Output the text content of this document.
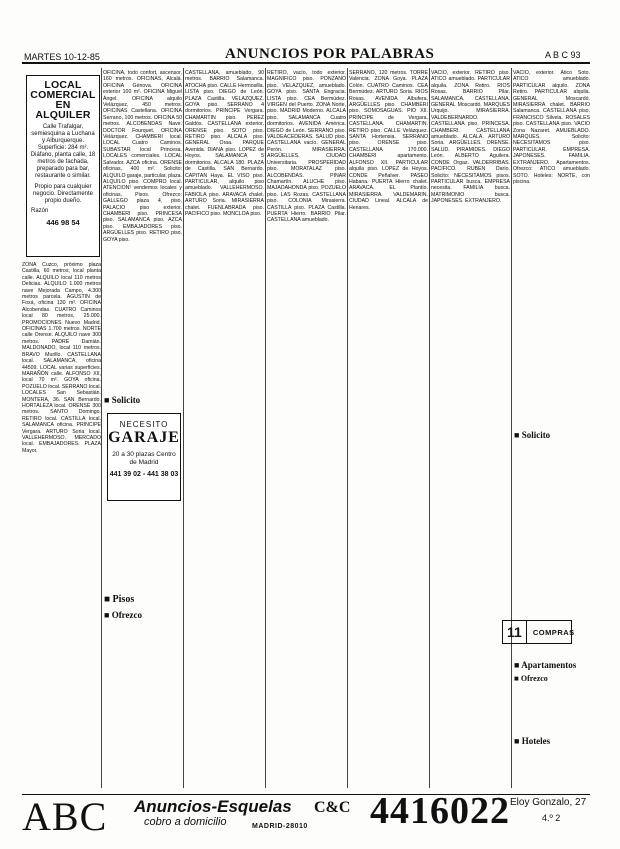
MARTES 10-12-85	ANUNCIOS POR PALABRAS	A B C 93

ZONA Cuzco, próximo plaza Castilla, 60 metros, local planta calle. ALQUILO local 110 metros Delicias. ALQUILO 1.000 metros nave Mejorada Campo, 4.300 metros parcela. AGUSTIN de Foxá, oficina 130 m². OFICINA Alcobendas. CUATRO Caminos local 80 metros, 25.000. PROMOCIONES Nuevo Madrid. OFICINAS 1.700 metros. NORTE calle Orense. ALQUILO nave 300 metros. PADRE Damián. MALDONADO, local 110 metros. BRAVO Murillo. CASTELLANA local. SALAMANCA, oficina 44509. LOCAL varias superficies. MARAÑÓN calle. ALFONSO XII, local 70 m². GOYA oficina. POZUELO local. SERRANO local. LOCALES San Sebastián. MONTERA, 36. SAN Bernardo. HORTALEZA local. ORENSE 300 metros. SANTO Domingo. RETIRO local. CASTILLA local. SALAMANCA oficina. PRINCIPE Vergara. ARTURO Soria local. VALLEHERMOSO. MERCADO local. EMBAJADORES. PLAZA Mayor.

LOCAL
COMERCIAL
EN ALQUILER
Calle Trafalgar, semiesquina a Luchana y Alburquerque. Superficie: 284 m². Diáfano, planta calle, 18 metros de fachada, preparado para bar, restaurante o similar.
Propio para cualquier negocio. Directamente propio dueño.
Razón
446 98 54

OFICINA, todo confort, ascensor, 160 metros. OFICINAS, Alcalá. OFICINA Génova. OFICINA exterior 100 m². OFICINA Miguel Ángel. OFICINA alquilo Velázquez, 450 metros. OFICINAS Castellana. OFICINA Serrano, 100 metros. OFICINA 50 metros. ALCOBENDAS Nave. DOCTOR Fourquet. OFICINA Velázquez. CHAMBERI local. LOCAL Cuatro Caminos. SUBASTAR local Princesa. LOCALES comerciales. LOCAL Salvador. AZCA oficina. ORENSE oficinas, 400 m². Solicito: ALQUILO garaje, particular, plaza. ALQUILO piso. COMPRO local. ATENCION! vendemos locales y oficinas. Pisos. Ofrezco: GALLEGO plaza 4, piso. PALACIO piso exterior. CHAMBERI piso. PRINCESA piso. SALAMANCA piso. AZCA piso. EMBAJADORES piso. ARGÜELLES piso. RETIRO piso. GOYA piso.

NECESITO
GARAJE
20 a 30 plazas Centro de Madrid
441 39 02 - 441 38 03

CASTELLANA, amueblado, 90 metros. BARRIO Salamanca. ATOCHA piso. CALLE Hermosilla. LISTA piso. DIEGO de León. PLAZA Castilla. VELAZQUEZ. GOYA piso. SERRANO 4 dormitorios. PRINCIPE Vergara. CHAMARTIN piso. PEREZ Galdós. CASTELLANA exterior. ORENSE piso. SOTO piso. RETIRO piso. ALCALA piso. GENERAL Oraa. PARQUE Avenida. DIANA piso. LOPEZ de Hoyos. SALAMANCA 5 dormitorios. ALCALA 180. PLAZA de Castilla. SAN Bernardo. CAPITAN Haya. EL VISO piso. PARTICULAR, alquilo piso amueblado. VALLEHERMOSO. FABIOLA piso. ARAVACA chalet. ARTURO Soria. MIRASIERRA chalet. FUENLABRADA piso. PACIFICO piso. MONCLOA piso.

RETIRO, vacío, todo exterior. MAGNIFICO piso. PONZANO piso. VELAZQUEZ, amueblado. GOYA piso. SANTA Engracia. LISTA piso. CEA Bermúdez. VIRGEN del Puerto. ZONA Norte, piso. MADRID Moderno. ALCALA piso. SALAMANCA Cuatro dormitorios. AVENIDA América. DIEGO de León. SERRANO piso. VALDEACEDERAS. SALUD piso. CASTELLANA vacío. GENERAL Perón. MIRASIERRA. ARGÜELLES. CIUDAD Universitaria. PROSPERIDAD piso. MORATALAZ piso. ALCOBENDAS. PINAR Chamartín. ALUCHE piso. MAJADAHONDA piso. POZUELO piso. LAS Rozas. CASTELLANA piso. COLONIA Mirasierra. CASTILLA piso. PLAZA Castilla. PUERTA Hierro. BARRIO Pilar. CASTELLANA amueblado.

SERRANO, 120 metros. TORRE Valencia. ZONA Goya. PLAZA Colón. CUATRO Caminos. CEA Bermúdez. ARTURO Soria. RIOS Rosas. AVENIDA Albufera. ARGÜELLES piso. CHAMBERI piso. SOMOSAGUAS. PIO XII. PRINCIPE de Vergara. CASTELLANA. CHAMARTIN. RETIRO piso. CALLE Velázquez. SANTA Hortensia. SERRANO piso. ORENSE piso. CASTELLANA 170.000. CHAMBERI apartamento. ALFONSO XII. PARTICULAR alquila piso. LOPEZ de Hoyos. CONDE Peñalver. PASEO Habana. PUERTA Hierro chalet. ARAVACA. EL Plantío. MIRASIERRA. VALDEMARIN. CIUDAD Lineal. ALCALA de Henares.

VACIO, exterior. RETIRO piso. ATICO amueblado. PARTICULAR alquila. ZONA Retiro. RIOS Rosas. BARRIO Pilar. SALAMANCA. CASTELLANA. GENERAL Moscardó. MARQUES Urquijo. MIRASIERRA. VALDEBERNARDO. CASTELLANA piso. PRINCESA. CHAMBERI. CASTELLANA amueblado. ALCALA. ARTURO Soria. ARGÜELLES. ORENSE. SALUD. PIRAMIDES. DIEGO León. ALBERTO Aguilera. CONDE Orgaz. VALDERRIBAS. PACIFICO. RUBEN Darío. Solicito: NECESITAMOS pisos. PARTICULAR busca. EMPRESA necesita. FAMILIA busca. MATRIMONIO busca. JAPONESES. EXTRANJERO.

VACIO, exterior. Ático Soto. ATICO amueblado. PARTICULAR alquilo. ZONA Retiro. PARTICULAR alquila. GENERAL Moscardó. MIRASIERRA chalet. BARRIO Salamanca. CASTELLANA piso. FRANCISCO Silvela. ROSALES piso. CASTELLANA piso. VACIO Zona Nazaret. AMUEBLADO. MARQUES. Solicito: NECESITAMOS piso. PARTICULAR. EMPRESA. JAPONESES. FAMILIA. EXTRANJERO. Apartamentos. Ofrezco: ATICO amueblado. SOTO. Hoteles: NORTE, con piscina.

■ Solicito
■ Pisos
■ Ofrezco
■ Solicito
11	COMPRAS
■ Apartamentos
■ Ofrezco
■ Hoteles
ABC Anuncios-Esquelas
cobro a domicilio	MADRID-28010
C&C 4416022 Eloy Gonzalo, 27
4.º 2
